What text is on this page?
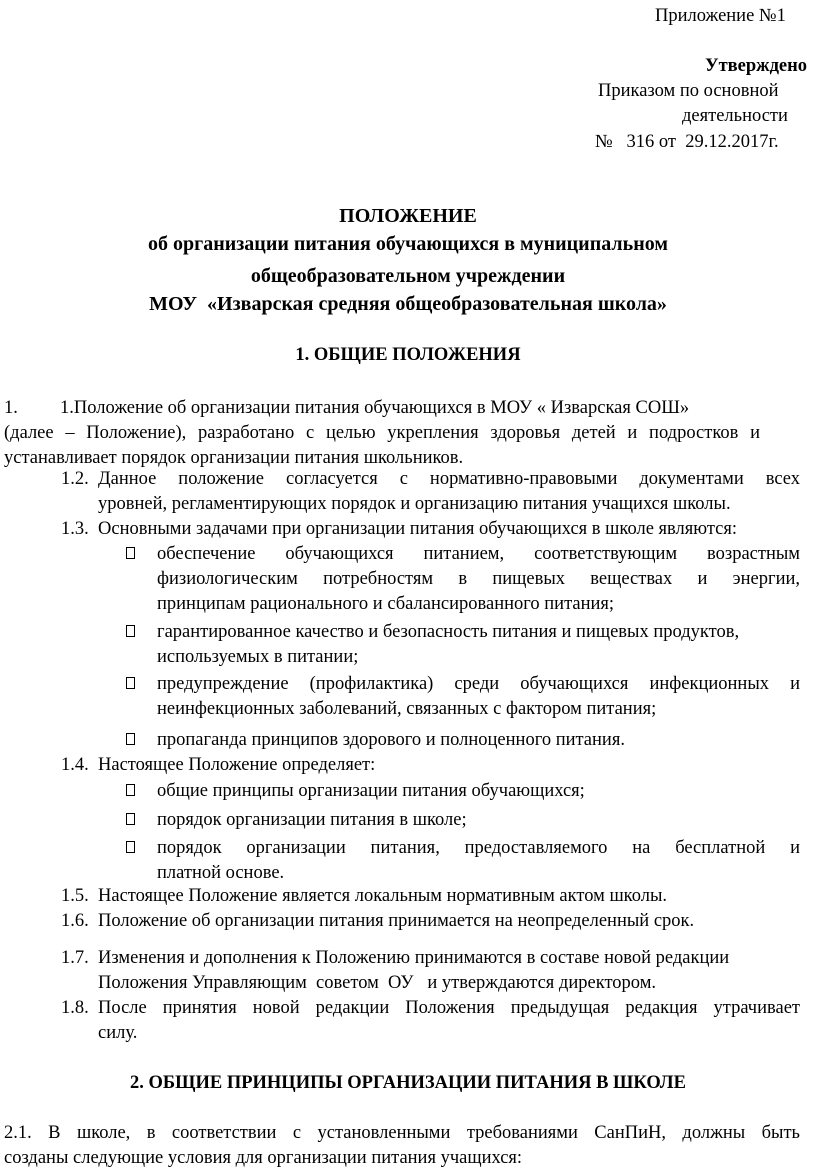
Приложение №1
Утверждено
Приказом по основной
деятельности
№   316 от  29.12.2017г.
ПОЛОЖЕНИЕ
об организации питания обучающихся в муниципальном
общеобразовательном учреждении
МОУ  «Изварская средняя общеобразовательная школа»
1. ОБЩИЕ ПОЛОЖЕНИЯ
1. 1.Положение об организации питания обучающихся в МОУ « Изварская СОШ»
(далее – Положение), разработано с целью укрепления здоровья детей и подростков и
устанавливает порядок организации питания школьников.
1.2. Данное положение согласуется с нормативно-правовыми документами всех
уровней, регламентирующих порядок и организацию питания учащихся школы.
1.3. Основными задачами при организации питания обучающихся в школе являются:
обеспечение обучающихся питанием, соответствующим возрастным
физиологическим потребностям в пищевых веществах и энергии,
принципам рационального и сбалансированного питания;
гарантированное качество и безопасность питания и пищевых продуктов,
используемых в питании;
предупреждение (профилактика) среди обучающихся инфекционных и
неинфекционных заболеваний, связанных с фактором питания;
пропаганда принципов здорового и полноценного питания.
1.4. Настоящее Положение определяет:
общие принципы организации питания обучающихся;
порядок организации питания в школе;
порядок организации питания, предоставляемого на бесплатной и
платной основе.
1.5. Настоящее Положение является локальным нормативным актом школы.
1.6. Положение об организации питания принимается на неопределенный срок.
1.7. Изменения и дополнения к Положению принимаются в составе новой редакции
Положения Управляющим  советом  ОУ   и утверждаются директором.
1.8. После принятия новой редакции Положения предыдущая редакция утрачивает
силу.
2. ОБЩИЕ ПРИНЦИПЫ ОРГАНИЗАЦИИ ПИТАНИЯ В ШКОЛЕ
2.1. В школе, в соответствии с установленными требованиями СанПиН, должны быть
созданы следующие условия для организации питания учащихся:
